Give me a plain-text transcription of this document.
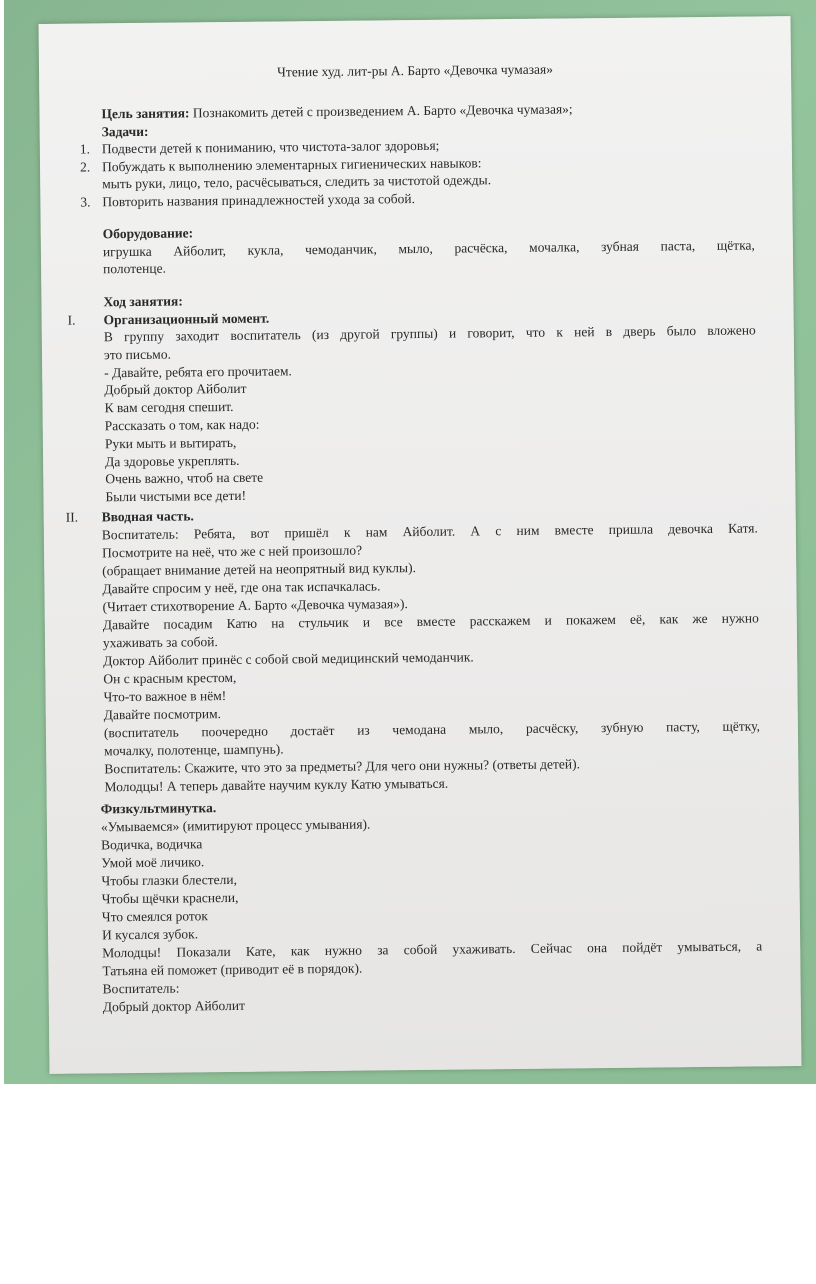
Чтение худ. лит-ры А. Барто «Девочка чумазая»
Цель занятия: Познакомить детей с произведением А. Барто «Девочка чумазая»;
Задачи:
1. Подвести детей к пониманию, что чистота-залог здоровья;
2. Побуждать к выполнению элементарных гигиенических навыков:
мыть руки, лицо, тело, расчёсываться, следить за чистотой одежды.
3. Повторить названия принадлежностей ухода за собой.
Оборудование:
игрушка Айболит, кукла, чемоданчик, мыло, расчёска, мочалка, зубная паста, щётка,
полотенце.
Ход занятия:
I. Организационный момент.
В группу заходит воспитатель (из другой группы) и говорит, что к ней в дверь было вложено
это письмо.
- Давайте, ребята его прочитаем.
Добрый доктор Айболит
К вам сегодня спешит.
Рассказать о том, как надо:
Руки мыть и вытирать,
Да здоровье укреплять.
Очень важно, чтоб на свете
Были чистыми все дети!
II. Вводная часть.
Воспитатель: Ребята, вот пришёл к нам Айболит. А с ним вместе пришла девочка Катя.
Посмотрите на неё, что же с ней произошло?
(обращает внимание детей на неопрятный вид куклы).
Давайте спросим у неё, где она так испачкалась.
(Читает стихотворение А. Барто «Девочка чумазая»).
Давайте посадим Катю на стульчик и все вместе расскажем и покажем её, как же нужно
ухаживать за собой.
Доктор Айболит принёс с собой свой медицинский чемоданчик.
Он с красным крестом,
Что-то важное в нём!
Давайте посмотрим.
(воспитатель поочередно достаёт из чемодана мыло, расчёску, зубную пасту, щётку,
мочалку, полотенце, шампунь).
Воспитатель: Скажите, что это за предметы? Для чего они нужны? (ответы детей).
Молодцы! А теперь давайте научим куклу Катю умываться.
Физкультминутка.
«Умываемся» (имитируют процесс умывания).
Водичка, водичка
Умой моё личико.
Чтобы глазки блестели,
Чтобы щёчки краснели,
Что смеялся роток
И кусался зубок.
Молодцы! Показали Кате, как нужно за собой ухаживать. Сейчас она пойдёт умываться, а
Татьяна ей поможет (приводит её в порядок).
Воспитатель:
Добрый доктор Айболит
